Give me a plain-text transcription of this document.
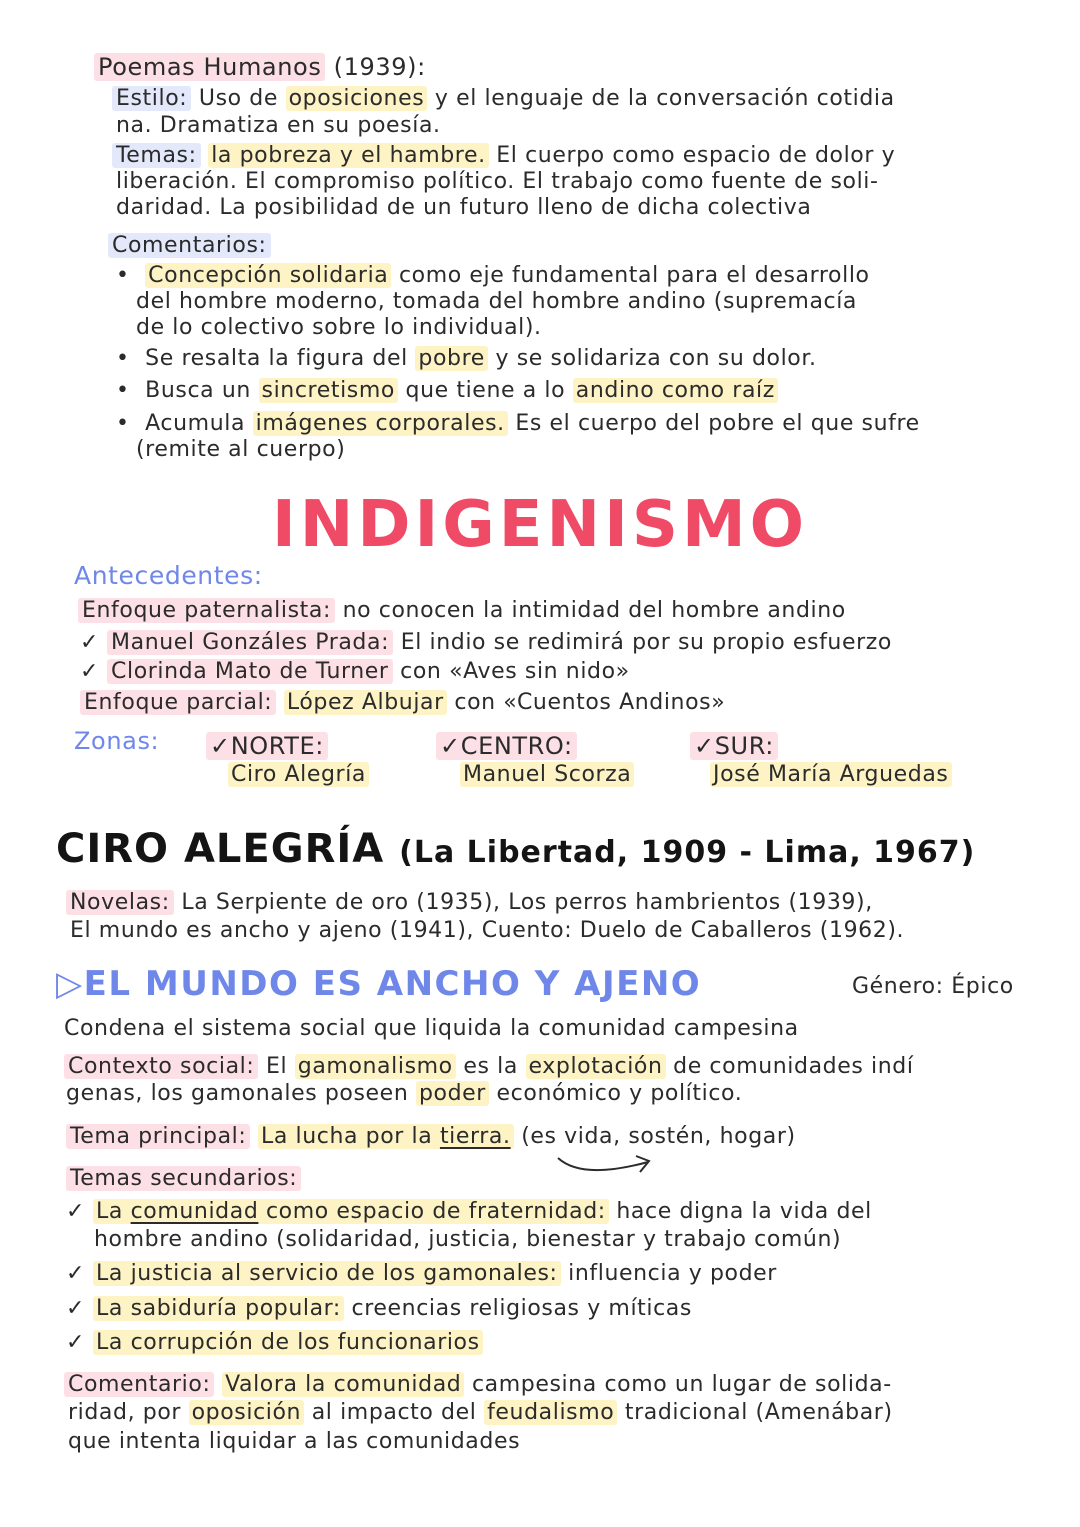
Poemas Humanos (1939):
Estilo: Uso de oposiciones y el lenguaje de la conversación cotidia
na. Dramatiza en su poesía.
Temas: la pobreza y el hambre. El cuerpo como espacio de dolor y
liberación. El compromiso político. El trabajo como fuente de soli-
daridad. La posibilidad de un futuro lleno de dicha colectiva
Comentarios:
• Concepción solidaria como eje fundamental para el desarrollo
del hombre moderno, tomada del hombre andino (supremacía
de lo colectivo sobre lo individual).
• Se resalta la figura del pobre y se solidariza con su dolor.
• Busca un sincretismo que tiene a lo andino como raíz
• Acumula imágenes corporales. Es el cuerpo del pobre el que sufre
(remite al cuerpo)
INDIGENISMO
Antecedentes:
Enfoque paternalista: no conocen la intimidad del hombre andino
✓ Manuel Gonzáles Prada: El indio se redimirá por su propio esfuerzo
✓ Clorinda Mato de Turner con «Aves sin nido»
Enfoque parcial: López Albujar con «Cuentos Andinos»
Zonas: ✓NORTE:
Ciro Alegría
✓CENTRO:
Manuel Scorza
✓SUR:
José María Arguedas
CIRO ALEGRÍA (La Libertad, 1909 - Lima, 1967)
Novelas: La Serpiente de oro (1935), Los perros hambrientos (1939),
El mundo es ancho y ajeno (1941), Cuento: Duelo de Caballeros (1962).
▷EL MUNDO ES ANCHO Y AJENO	Género: Épico
Condena el sistema social que liquida la comunidad campesina
Contexto social: El gamonalismo es la explotación de comunidades indí
genas, los gamonales poseen poder económico y político.
Tema principal: La lucha por la tierra. (es vida, sostén, hogar)
Temas secundarios:
✓ La comunidad como espacio de fraternidad: hace digna la vida del
hombre andino (solidaridad, justicia, bienestar y trabajo común)
✓ La justicia al servicio de los gamonales: influencia y poder
✓ La sabiduría popular: creencias religiosas y míticas
✓ La corrupción de los funcionarios
Comentario: Valora la comunidad campesina como un lugar de solida-
ridad, por oposición al impacto del feudalismo tradicional (Amenábar)
que intenta liquidar a las comunidades
